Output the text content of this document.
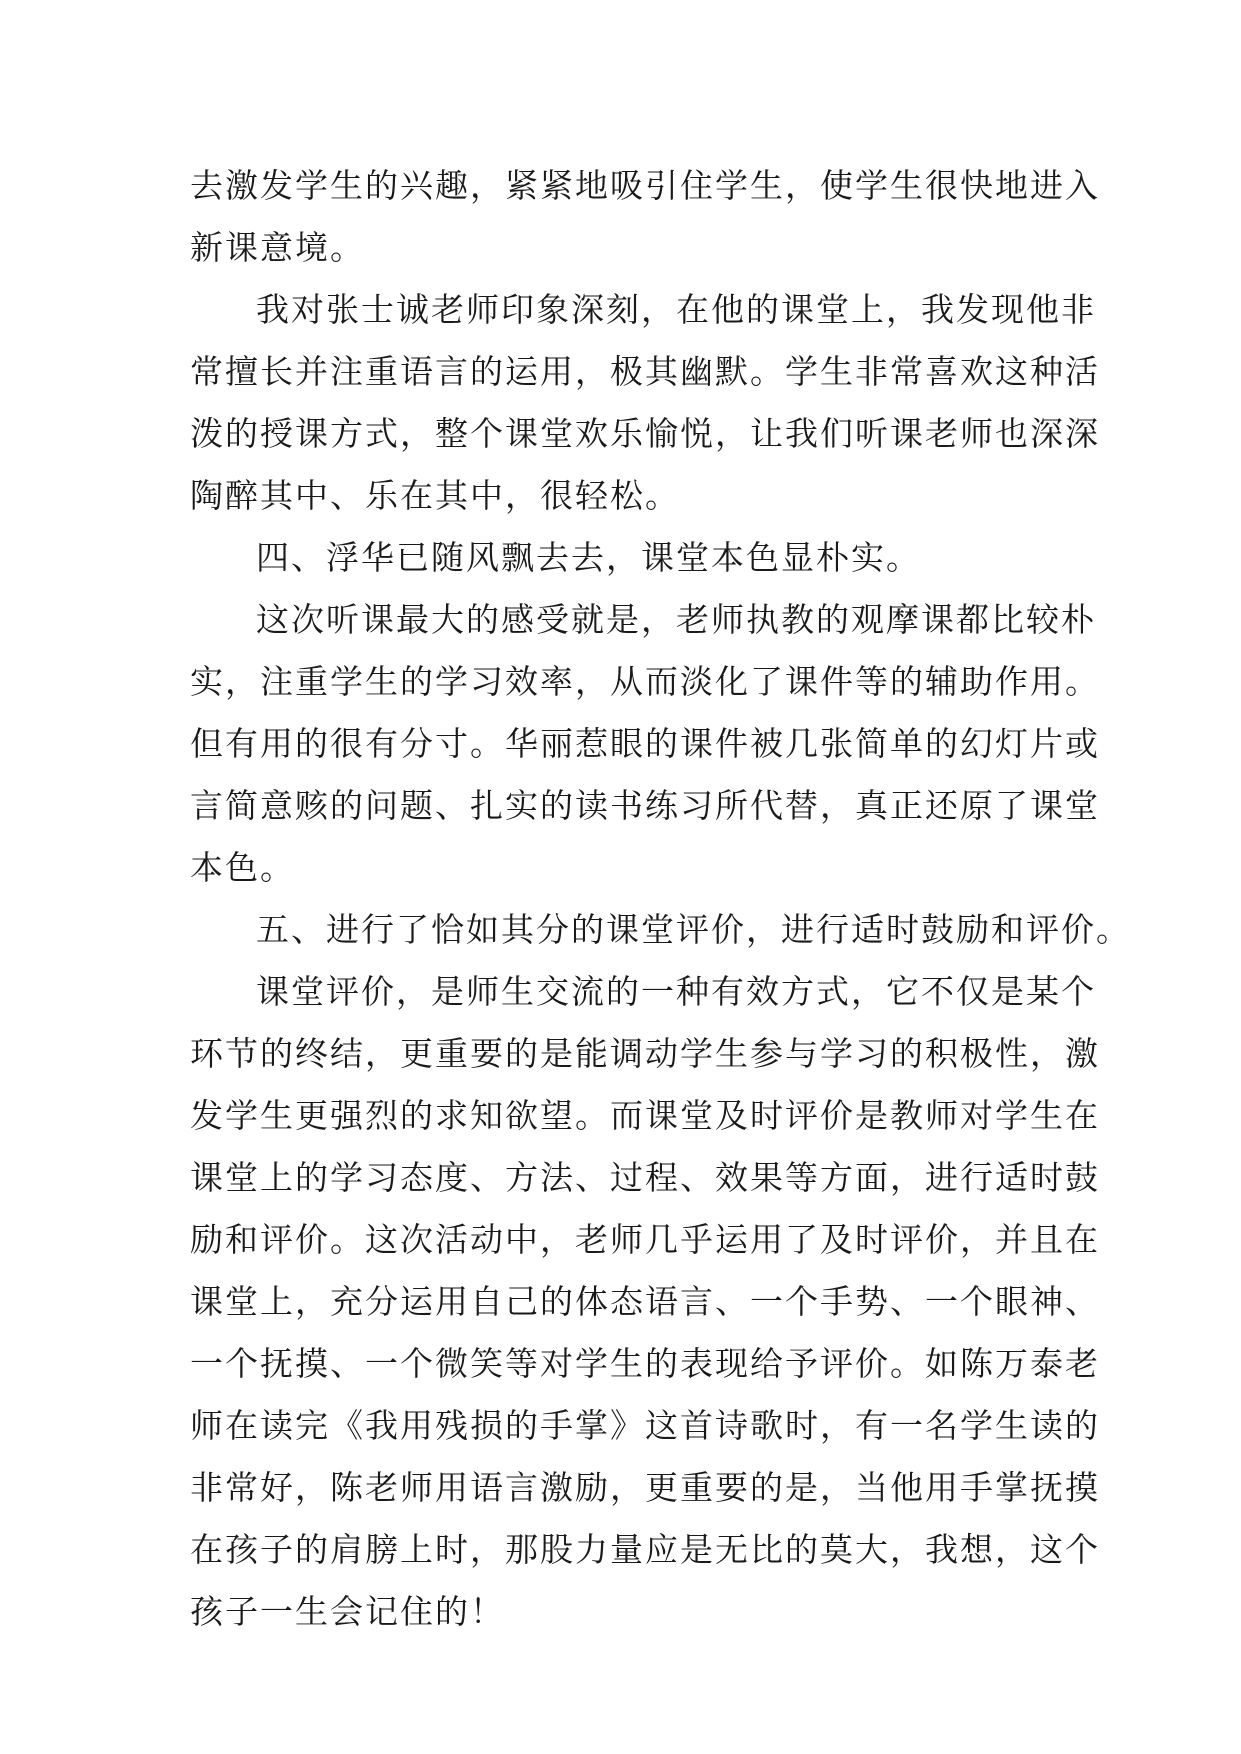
去激发学生的兴趣，紧紧地吸引住学生，使学生很快地进入
新课意境。
我对张士诚老师印象深刻，在他的课堂上，我发现他非
常擅长并注重语言的运用，极其幽默。学生非常喜欢这种活
泼的授课方式，整个课堂欢乐愉悦，让我们听课老师也深深
陶醉其中、乐在其中，很轻松。
四、浮华已随风飘去去，课堂本色显朴实。
这次听课最大的感受就是，老师执教的观摩课都比较朴
实，注重学生的学习效率，从而淡化了课件等的辅助作用。
但有用的很有分寸。华丽惹眼的课件被几张简单的幻灯片或
言简意赅的问题、扎实的读书练习所代替，真正还原了课堂
本色。
五、进行了恰如其分的课堂评价，进行适时鼓励和评价。
课堂评价，是师生交流的一种有效方式，它不仅是某个
环节的终结，更重要的是能调动学生参与学习的积极性，激
发学生更强烈的求知欲望。而课堂及时评价是教师对学生在
课堂上的学习态度、方法、过程、效果等方面，进行适时鼓
励和评价。这次活动中，老师几乎运用了及时评价，并且在
课堂上，充分运用自己的体态语言、一个手势、一个眼神、
一个抚摸、一个微笑等对学生的表现给予评价。如陈万泰老
师在读完《我用残损的手掌》这首诗歌时，有一名学生读的
非常好，陈老师用语言激励，更重要的是，当他用手掌抚摸
在孩子的肩膀上时，那股力量应是无比的莫大，我想，这个
孩子一生会记住的！
